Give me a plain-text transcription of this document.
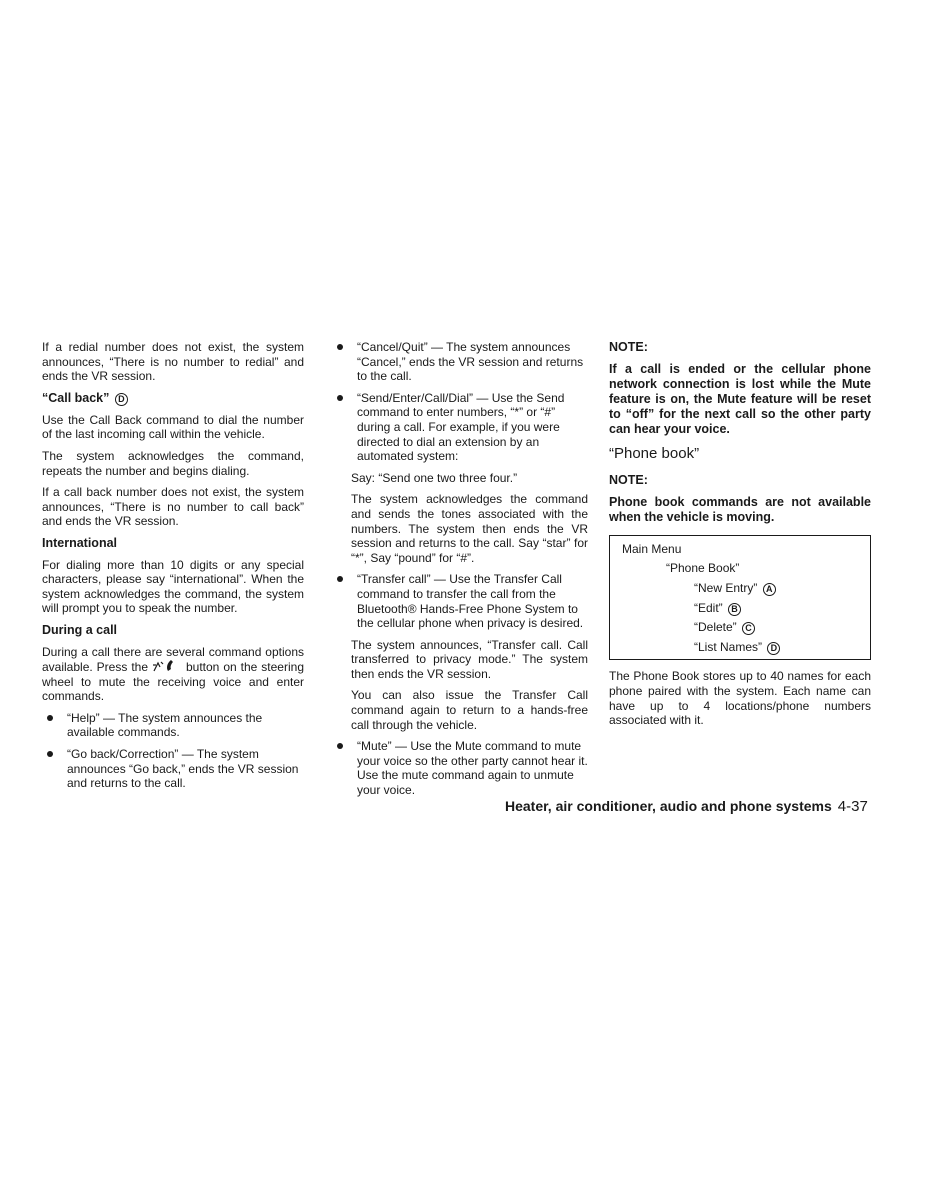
If a redial number does not exist, the system announces, “There is no number to redial” and ends the VR session.

“Call back” D

Use the Call Back command to dial the number of the last incoming call within the vehicle.

The system acknowledges the command, repeats the number and begins dialing.

If a call back number does not exist, the system announces, “There is no number to call back” and ends the VR session.

International

For dialing more than 10 digits or any special characters, please say “international”. When the system acknowledges the command, the system will prompt you to speak the number.

During a call

During a call there are several command options available. Press the	button on the steering wheel to mute the receiving voice and enter commands.

“Help” — The system announces the available commands.
“Go back/Correction” — The system announces “Go back,” ends the VR session and returns to the call.
“Cancel/Quit” — The system announces “Cancel,” ends the VR session and returns to the call.
“Send/Enter/Call/Dial” — Use the Send command to enter numbers, “*” or “#” during a call. For example, if you were directed to dial an extension by an automated system:

Say: “Send one two three four.”

The system acknowledges the command and sends the tones associated with the numbers. The system then ends the VR session and returns to the call. Say “star” for “*”, Say “pound” for “#”.

“Transfer call” — Use the Transfer Call command to transfer the call from the Bluetooth® Hands-Free Phone System to the cellular phone when privacy is desired.

The system announces, “Transfer call. Call transferred to privacy mode.” The system then ends the VR session.

You can also issue the Transfer Call command again to return to a hands-free call through the vehicle.

“Mute” — Use the Mute command to mute your voice so the other party cannot hear it. Use the mute command again to unmute your voice.
NOTE:
If a call is ended or the cellular phone network connection is lost while the Mute feature is on, the Mute feature will be reset to “off” for the next call so the other party can hear your voice.
“Phone book”
NOTE:
Phone book commands are not available when the vehicle is moving.
Main Menu
“Phone Book”
“New Entry” A
“Edit” B
“Delete” C
“List Names” D

The Phone Book stores up to 40 names for each phone paired with the system. Each name can have up to 4 locations/phone numbers associated with it.

Heater, air conditioner, audio and phone systems 4-37
